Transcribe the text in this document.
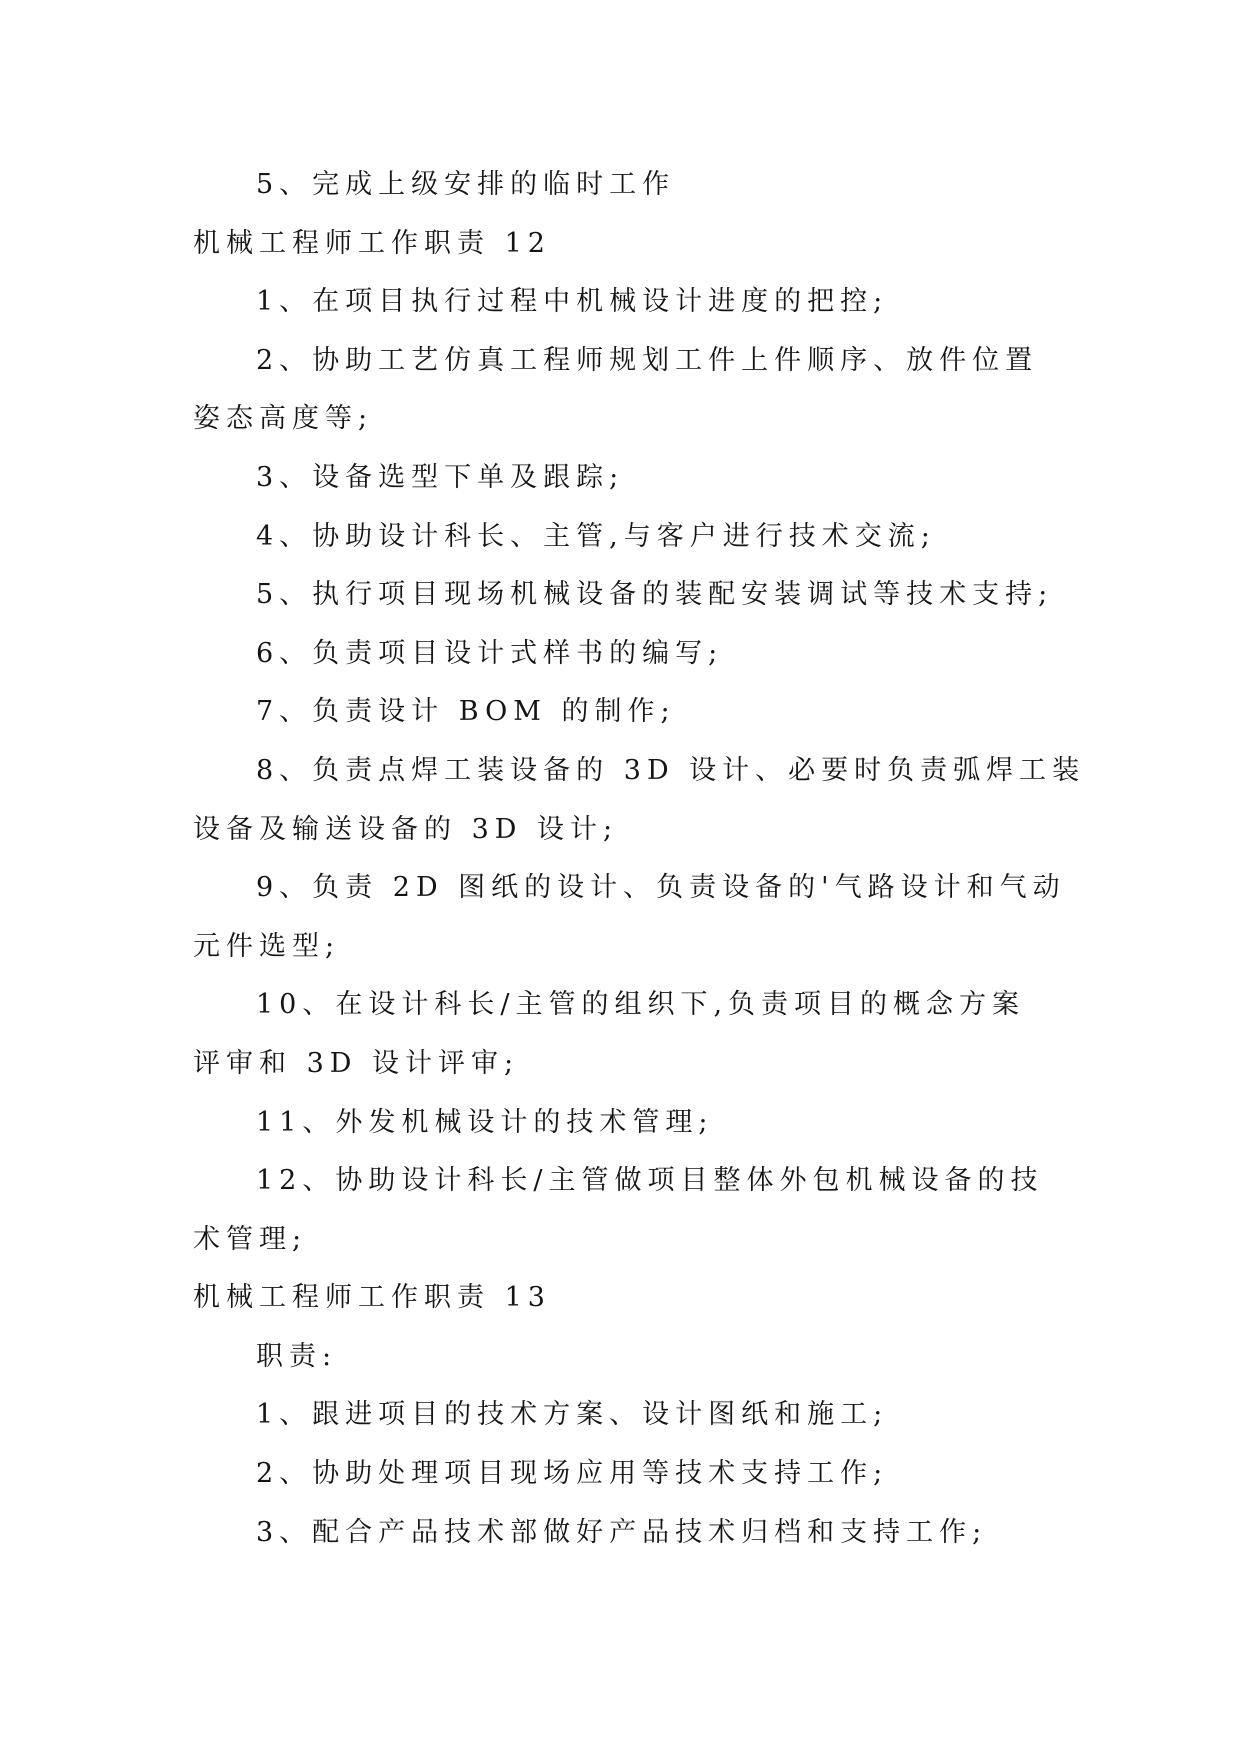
5、完成上级安排的临时工作
机械工程师工作职责 12
1、在项目执行过程中机械设计进度的把控;
2、协助工艺仿真工程师规划工件上件顺序、放件位置
姿态高度等;
3、设备选型下单及跟踪;
4、协助设计科长、主管,与客户进行技术交流;
5、执行项目现场机械设备的装配安装调试等技术支持;
6、负责项目设计式样书的编写;
7、负责设计 BOM 的制作;
8、负责点焊工装设备的 3D 设计、必要时负责弧焊工装
设备及输送设备的 3D 设计;
9、负责 2D 图纸的设计、负责设备的'气路设计和气动
元件选型;
10、在设计科长/主管的组织下,负责项目的概念方案
评审和 3D 设计评审;
11、外发机械设计的技术管理;
12、协助设计科长/主管做项目整体外包机械设备的技
术管理;
机械工程师工作职责 13
职责:
1、跟进项目的技术方案、设计图纸和施工;
2、协助处理项目现场应用等技术支持工作;
3、配合产品技术部做好产品技术归档和支持工作;
